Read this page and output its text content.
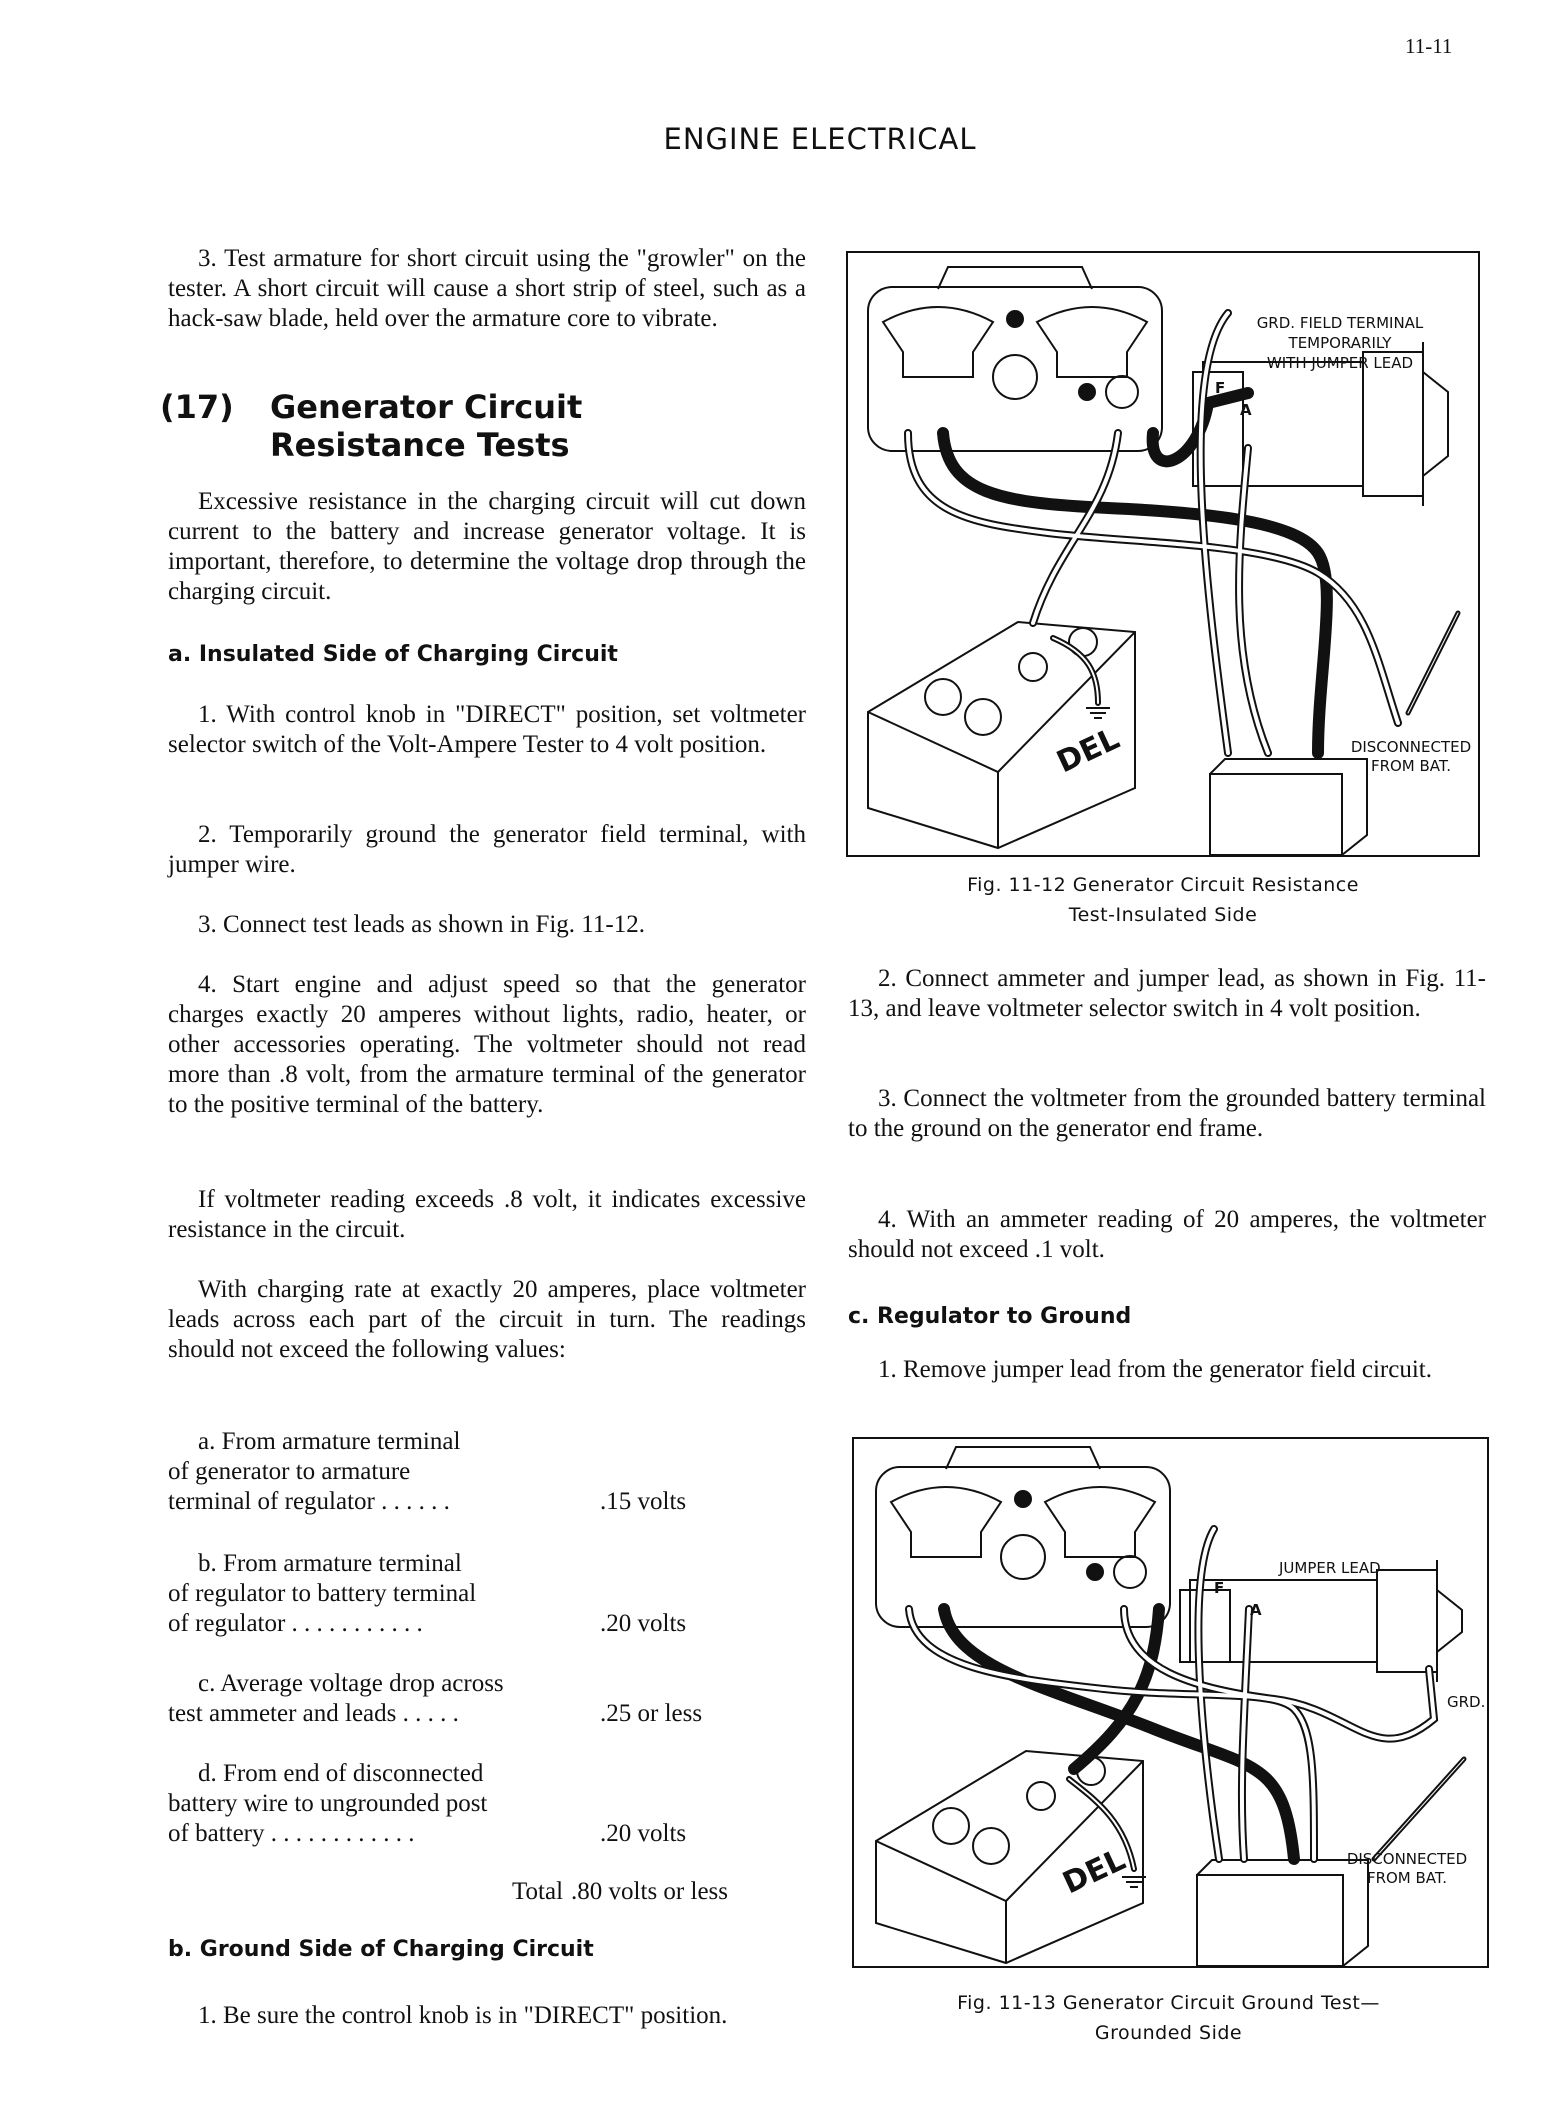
11-11
ENGINE ELECTRICAL

3. Test armature for short circuit using the "growler" on the tester. A short circuit will cause a short strip of steel, such as a hack-saw blade, held over the armature core to vibrate.

(17) Generator Circuit
Resistance Tests

Excessive resistance in the charging circuit will cut down current to the battery and increase generator voltage. It is important, therefore, to determine the voltage drop through the charging circuit.

a. Insulated Side of Charging Circuit

1. With control knob in "DIRECT" position, set voltmeter selector switch of the Volt-Ampere Tester to 4 volt position.

2. Temporarily ground the generator field terminal, with jumper wire.

3. Connect test leads as shown in Fig. 11-12.

4. Start engine and adjust speed so that the generator charges exactly 20 amperes without lights, radio, heater, or other accessories operating. The voltmeter should not read more than .8 volt, from the armature terminal of the generator to the positive terminal of the battery.

If voltmeter reading exceeds .8 volt, it indicates excessive resistance in the circuit.

With charging rate at exactly 20 amperes, place voltmeter leads across each part of the circuit in turn. The readings should not exceed the following values:

a. From armature terminal
of generator to armature
terminal of regulator . . . . . .	.15 volts
b. From armature terminal
of regulator to battery terminal
of regulator . . . . . . . . . . .	.20 volts
c. Average voltage drop across
test ammeter and leads . . . . .	.25 or less
d. From end of disconnected
battery wire to ungrounded post
of battery . . . . . . . . . . . .	.20 volts
Total .80 volts or less
b. Ground Side of Charging Circuit

1. Be sure the control knob is in "DIRECT" position.

GRD. FIELD TERMINAL
TEMPORARILY
WITH JUMPER LEAD
DISCONNECTED
FROM BAT.
F
A
DEL
Fig. 11-12 Generator Circuit Resistance
Test-Insulated Side

2. Connect ammeter and jumper lead, as shown in Fig. 11-13, and leave voltmeter selector switch in 4 volt position.

3. Connect the voltmeter from the grounded battery terminal to the ground on the generator end frame.

4. With an ammeter reading of 20 amperes, the voltmeter should not exceed .1 volt.

c. Regulator to Ground

1. Remove jumper lead from the generator field circuit.

JUMPER LEAD
GRD.
DISCONNECTED
FROM BAT.
F
A
DEL
Fig. 11-13 Generator Circuit Ground Test—
Grounded Side
